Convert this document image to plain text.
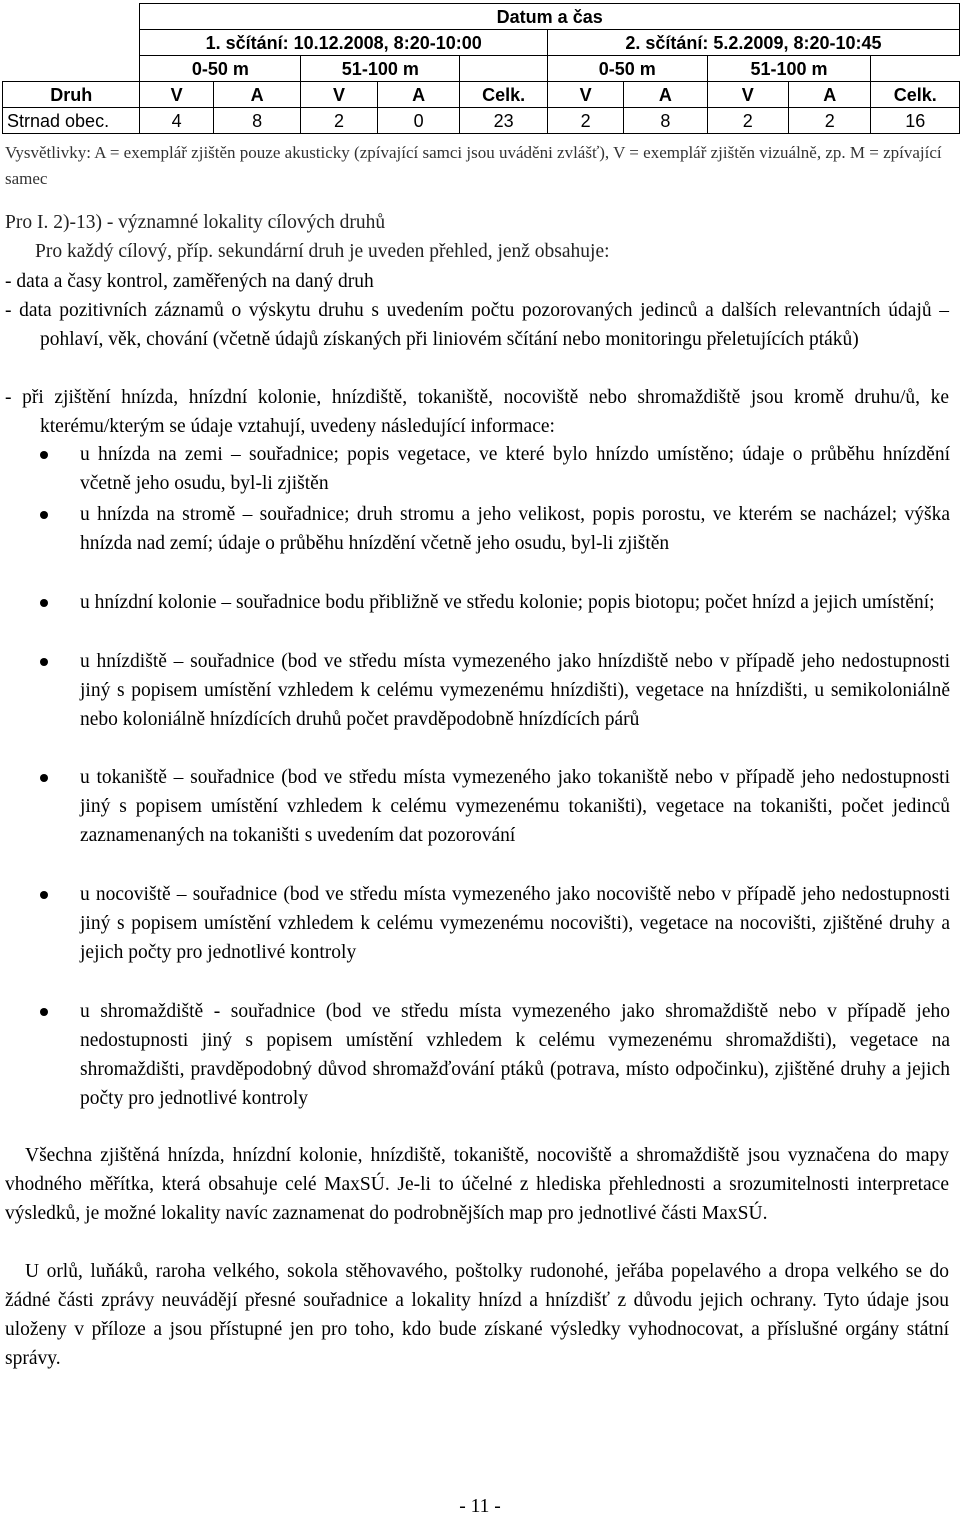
	Datum a čas									
	1. sčítání: 10.12.2008, 8:20-10:00					2. sčítání: 5.2.2009, 8:20-10:45				
	0-50 m		51-100 m			0-50 m		51-100 m		
Druh	V	A	V	A	Celk.	V	A	V	A	Celk.
Strnad obec.	4	8	2	0	23	2	8	2	2	16
Vysvětlivky: A = exemplář zjištěn pouze akusticky (zpívající samci jsou uváděni zvlášť), V = exemplář zjištěn vizuálně, zp. M = zpívající samec
Pro I. 2)-13) - významné lokality cílových druhů
Pro každý cílový, příp. sekundární druh je uveden přehled, jenž obsahuje:
- data a časy kontrol, zaměřených na daný druh
- data pozitivních záznamů o výskytu druhu s uvedením počtu pozorovaných jedinců a dalších relevantních údajů – pohlaví, věk, chování (včetně údajů získaných při liniovém sčítání nebo monitoringu přeletujících ptáků)
- při zjištění hnízda, hnízdní kolonie, hnízdiště, tokaniště, nocoviště nebo shromaždiště jsou kromě druhu/ů, ke kterému/kterým se údaje vztahují, uvedeny následující informace:
u hnízda na zemi – souřadnice; popis vegetace, ve které bylo hnízdo umístěno; údaje o průběhu hnízdění včetně jeho osudu, byl-li zjištěn
u hnízda na stromě – souřadnice; druh stromu a jeho velikost, popis porostu, ve kterém se nacházel; výška hnízda nad zemí; údaje o průběhu hnízdění včetně jeho osudu, byl-li zjištěn
u hnízdní kolonie – souřadnice bodu přibližně ve středu kolonie; popis biotopu; počet hnízd a jejich umístění;
u hnízdiště – souřadnice (bod ve středu místa vymezeného jako hnízdiště nebo v případě jeho nedostupnosti jiný s popisem umístění vzhledem k celému vymezenému hnízdišti), vegetace na hnízdišti, u semikoloniálně nebo koloniálně hnízdících druhů počet pravděpodobně hnízdících párů
u tokaniště – souřadnice (bod ve středu místa vymezeného jako tokaniště nebo v případě jeho nedostupnosti jiný s popisem umístění vzhledem k celému vymezenému tokaništi), vegetace na tokaništi, počet jedinců zaznamenaných na tokaništi s uvedením dat pozorování
u nocoviště – souřadnice (bod ve středu místa vymezeného jako nocoviště nebo v případě jeho nedostupnosti jiný s popisem umístění vzhledem k celému vymezenému nocovišti), vegetace na nocovišti, zjištěné druhy a jejich počty pro jednotlivé kontroly
u shromaždiště - souřadnice (bod ve středu místa vymezeného jako shromaždiště nebo v případě jeho nedostupnosti jiný s popisem umístění vzhledem k celému vymezenému shromaždišti), vegetace na shromaždišti, pravděpodobný důvod shromažďování ptáků (potrava, místo odpočinku), zjištěné druhy a jejich počty pro jednotlivé kontroly
Všechna zjištěná hnízda, hnízdní kolonie, hnízdiště, tokaniště, nocoviště a shromaždiště jsou vyznačena do mapy vhodného měřítka, která obsahuje celé MaxSÚ. Je-li to účelné z hlediska přehlednosti a srozumitelnosti interpretace výsledků, je možné lokality navíc zaznamenat do podrobnějších map pro jednotlivé části MaxSÚ.
U orlů, luňáků, raroha velkého, sokola stěhovavého, poštolky rudonohé, jeřába popelavého a dropa velkého se do žádné části zprávy neuvádějí přesné souřadnice a lokality hnízd a hnízdišť z důvodu jejich ochrany. Tyto údaje jsou uloženy v příloze a jsou přístupné jen pro toho, kdo bude získané výsledky vyhodnocovat, a příslušné orgány státní správy.
- 11 -
